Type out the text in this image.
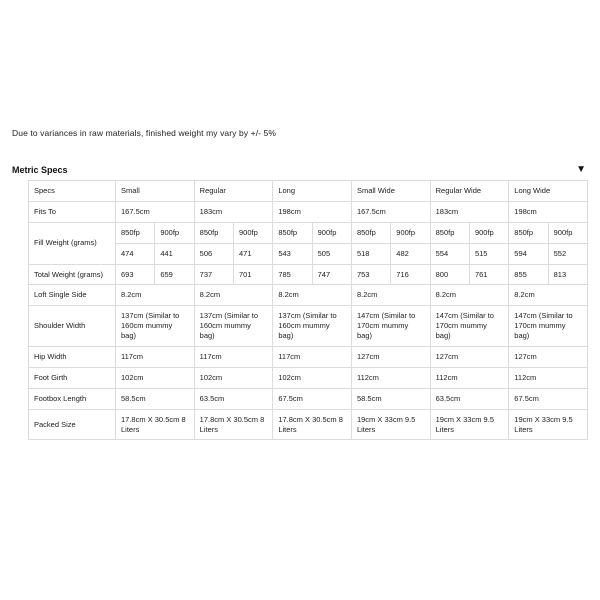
Due to variances in raw materials, finished weight my vary by +/- 5%
Metric Specs	▼
Specs	Small		Regular		Long		Small Wide		Regular Wide		Long Wide	
Fits To	167.5cm		183cm		198cm		167.5cm		183cm		198cm	
Fill Weight (grams)	850fp	900fp	850fp	900fp	850fp	900fp	850fp	900fp	850fp	900fp	850fp	900fp
	474	441	506	471	543	505	518	482	554	515	594	552
Total Weight (grams)	693	659	737	701	785	747	753	716	800	761	855	813
Loft Single Side	8.2cm		8.2cm		8.2cm		8.2cm		8.2cm		8.2cm	
Shoulder Width	137cm (Similar to 160cm mummy bag)		137cm (Similar to 160cm mummy bag)		137cm (Similar to 160cm mummy bag)		147cm (Similar to 170cm mummy bag)		147cm (Similar to 170cm mummy bag)		147cm (Similar to 170cm mummy bag)	
Hip Width	117cm		117cm		117cm		127cm		127cm		127cm	
Foot Girth	102cm		102cm		102cm		112cm		112cm		112cm	
Footbox Length	58.5cm		63.5cm		67.5cm		58.5cm		63.5cm		67.5cm	
Packed Size	17.8cm X 30.5cm 8 Liters		17.8cm X 30.5cm 8 Liters		17.8cm X 30.5cm 8 Liters		19cm X 33cm 9.5 Liters		19cm X 33cm 9.5 Liters		19cm X 33cm 9.5 Liters	
